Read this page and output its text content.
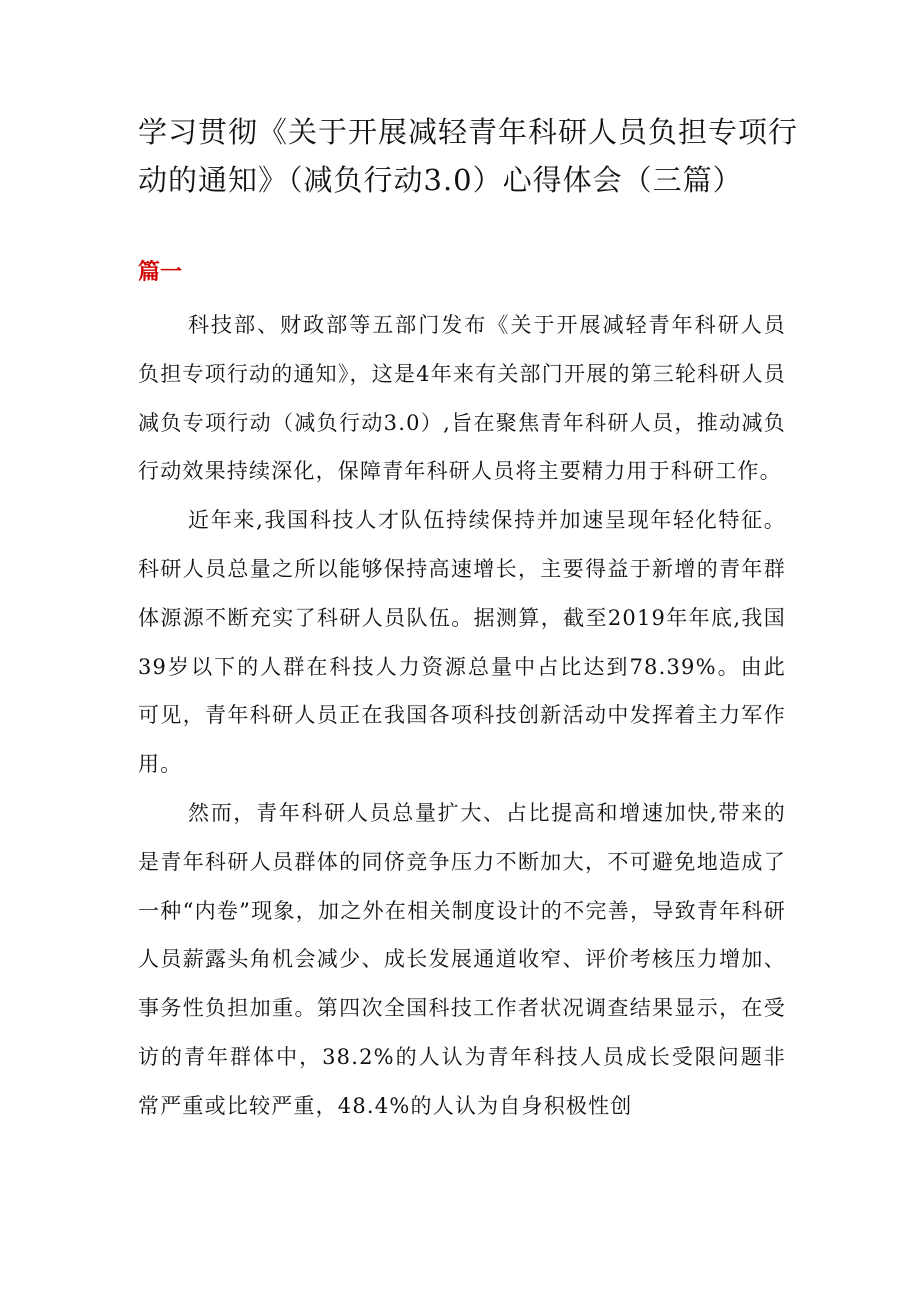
学习贯彻《关于开展减轻青年科研人员负担专项行动的通知》（减负行动3.0）心得体会（三篇）
篇一

科技部、财政部等五部门发布《关于开展减轻青年科研人员负担专项行动的通知》，这是4年来有关部门开展的第三轮科研人员减负专项行动（减负行动3.0）,旨在聚焦青年科研人员，推动减负行动效果持续深化，保障青年科研人员将主要精力用于科研工作。

近年来,我国科技人才队伍持续保持并加速呈现年轻化特征。科研人员总量之所以能够保持高速增长，主要得益于新增的青年群体源源不断充实了科研人员队伍。据测算，截至2019年年底,我国39岁以下的人群在科技人力资源总量中占比达到78.39%。由此可见，青年科研人员正在我国各项科技创新活动中发挥着主力军作用。

然而，青年科研人员总量扩大、占比提高和增速加快,带来的是青年科研人员群体的同侪竞争压力不断加大，不可避免地造成了一种“内卷”现象，加之外在相关制度设计的不完善，导致青年科研人员薪露头角机会减少、成长发展通道收窄、评价考核压力增加、事务性负担加重。第四次全国科技工作者状况调查结果显示，在受访的青年群体中，38.2%的人认为青年科技人员成长受限问题非常严重或比较严重，48.4%的人认为自身积极性创
